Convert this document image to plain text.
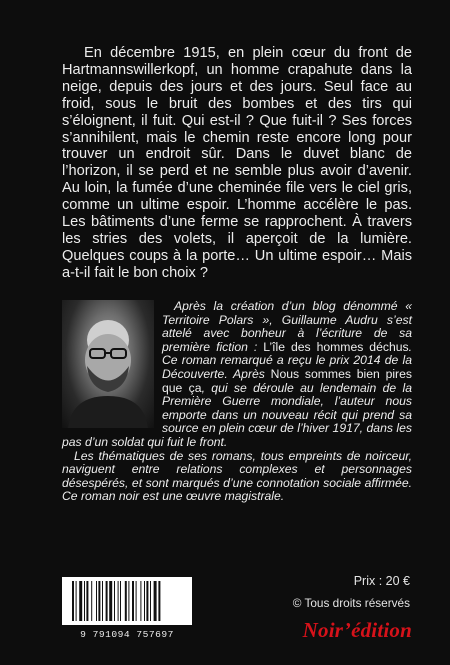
En décembre 1915, en plein cœur du front de Hartmannswillerkopf, un homme crapahute dans la neige, depuis des jours et des jours. Seul face au froid, sous le bruit des bombes et des tirs qui s’éloignent, il fuit. Qui est-il ? Que fuit-il ? Ses forces s’annihilent, mais le chemin reste encore long pour trouver un endroit sûr. Dans le duvet blanc de l’horizon, il se perd et ne semble plus avoir d’avenir. Au loin, la fumée d’une cheminée file vers le ciel gris, comme un ultime espoir. L’homme accélère le pas. Les bâtiments d’une ferme se rapprochent. À travers les stries des volets, il aperçoit de la lumière. Quelques coups à la porte… Un ultime espoir… Mais a-t-il fait le bon choix ?

Après la création d’un blog dénommé « Territoire Polars », Guillaume Audru s’est attelé avec bonheur à l’écriture de sa première fiction : L’île des hommes déchus. Ce roman remarqué a reçu le prix 2014 de la Découverte. Après Nous sommes bien pires que ça, qui se déroule au lendemain de la Première Guerre mondiale, l’auteur nous emporte dans un nouveau récit qui prend sa source en plein cœur de l’hiver 1917, dans les pas d’un soldat qui fuit le front.

Les thématiques de ses romans, tous empreints de noirceur, naviguent entre relations complexes et personnages désespérés, et sont marqués d’une connotation sociale affirmée. Ce roman noir est une œuvre magistrale.

9 791094 757697
Prix : 20 €
© Tous droits réservés
Noir’édition
